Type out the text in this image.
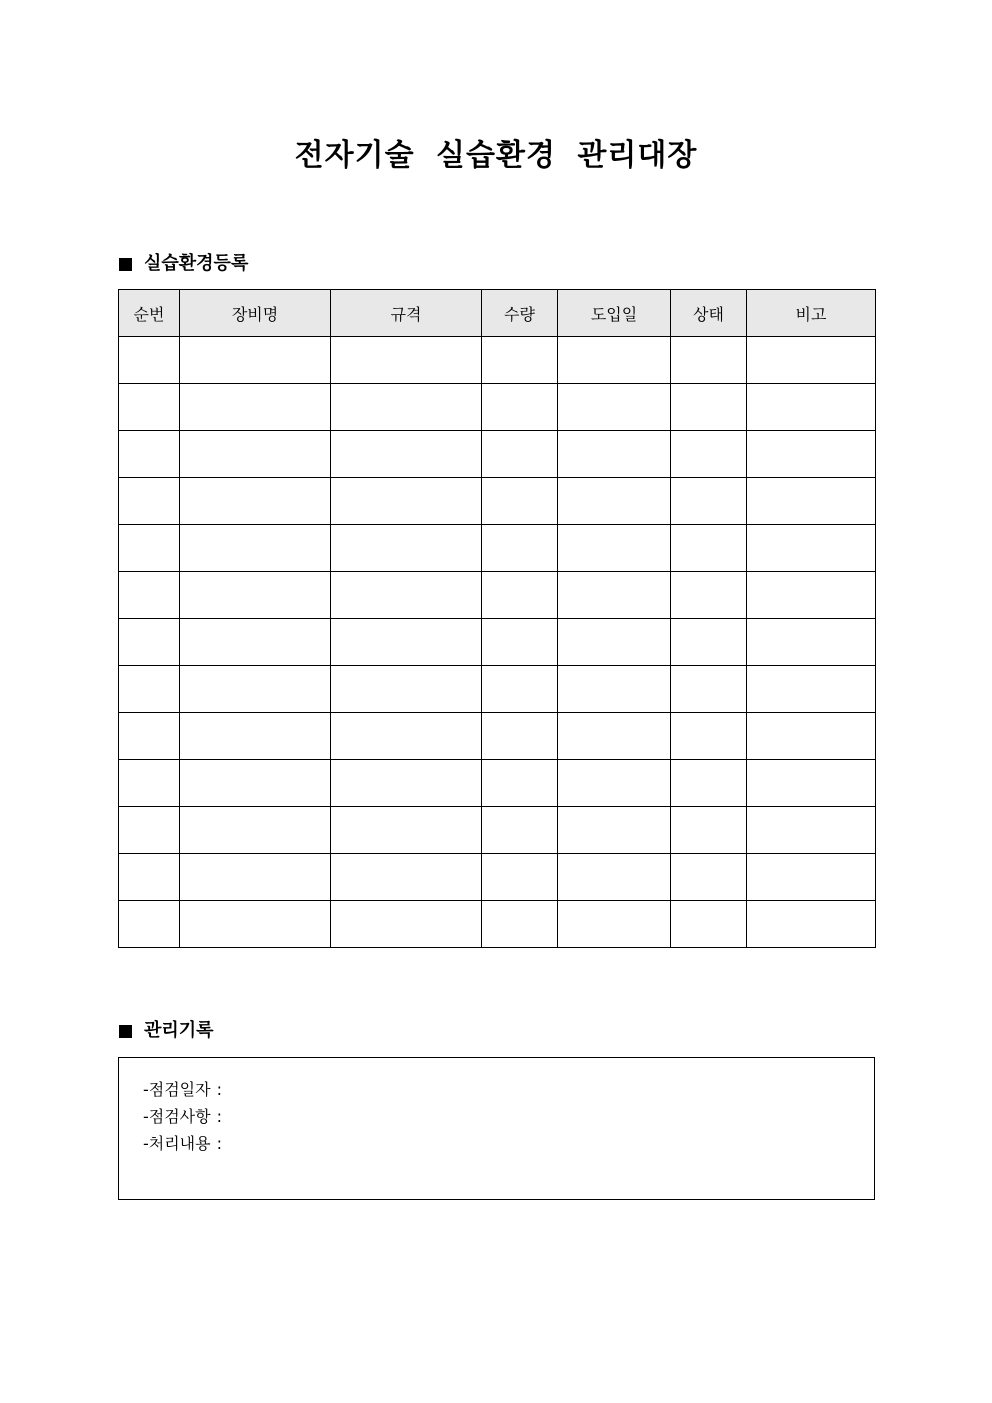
전자기술 실습환경 관리대장
실습환경등록
순번	장비명	규격	수량	도입일	상태	비고

관리기록
-점검일자 :
-점검사항 :
-처리내용 :
